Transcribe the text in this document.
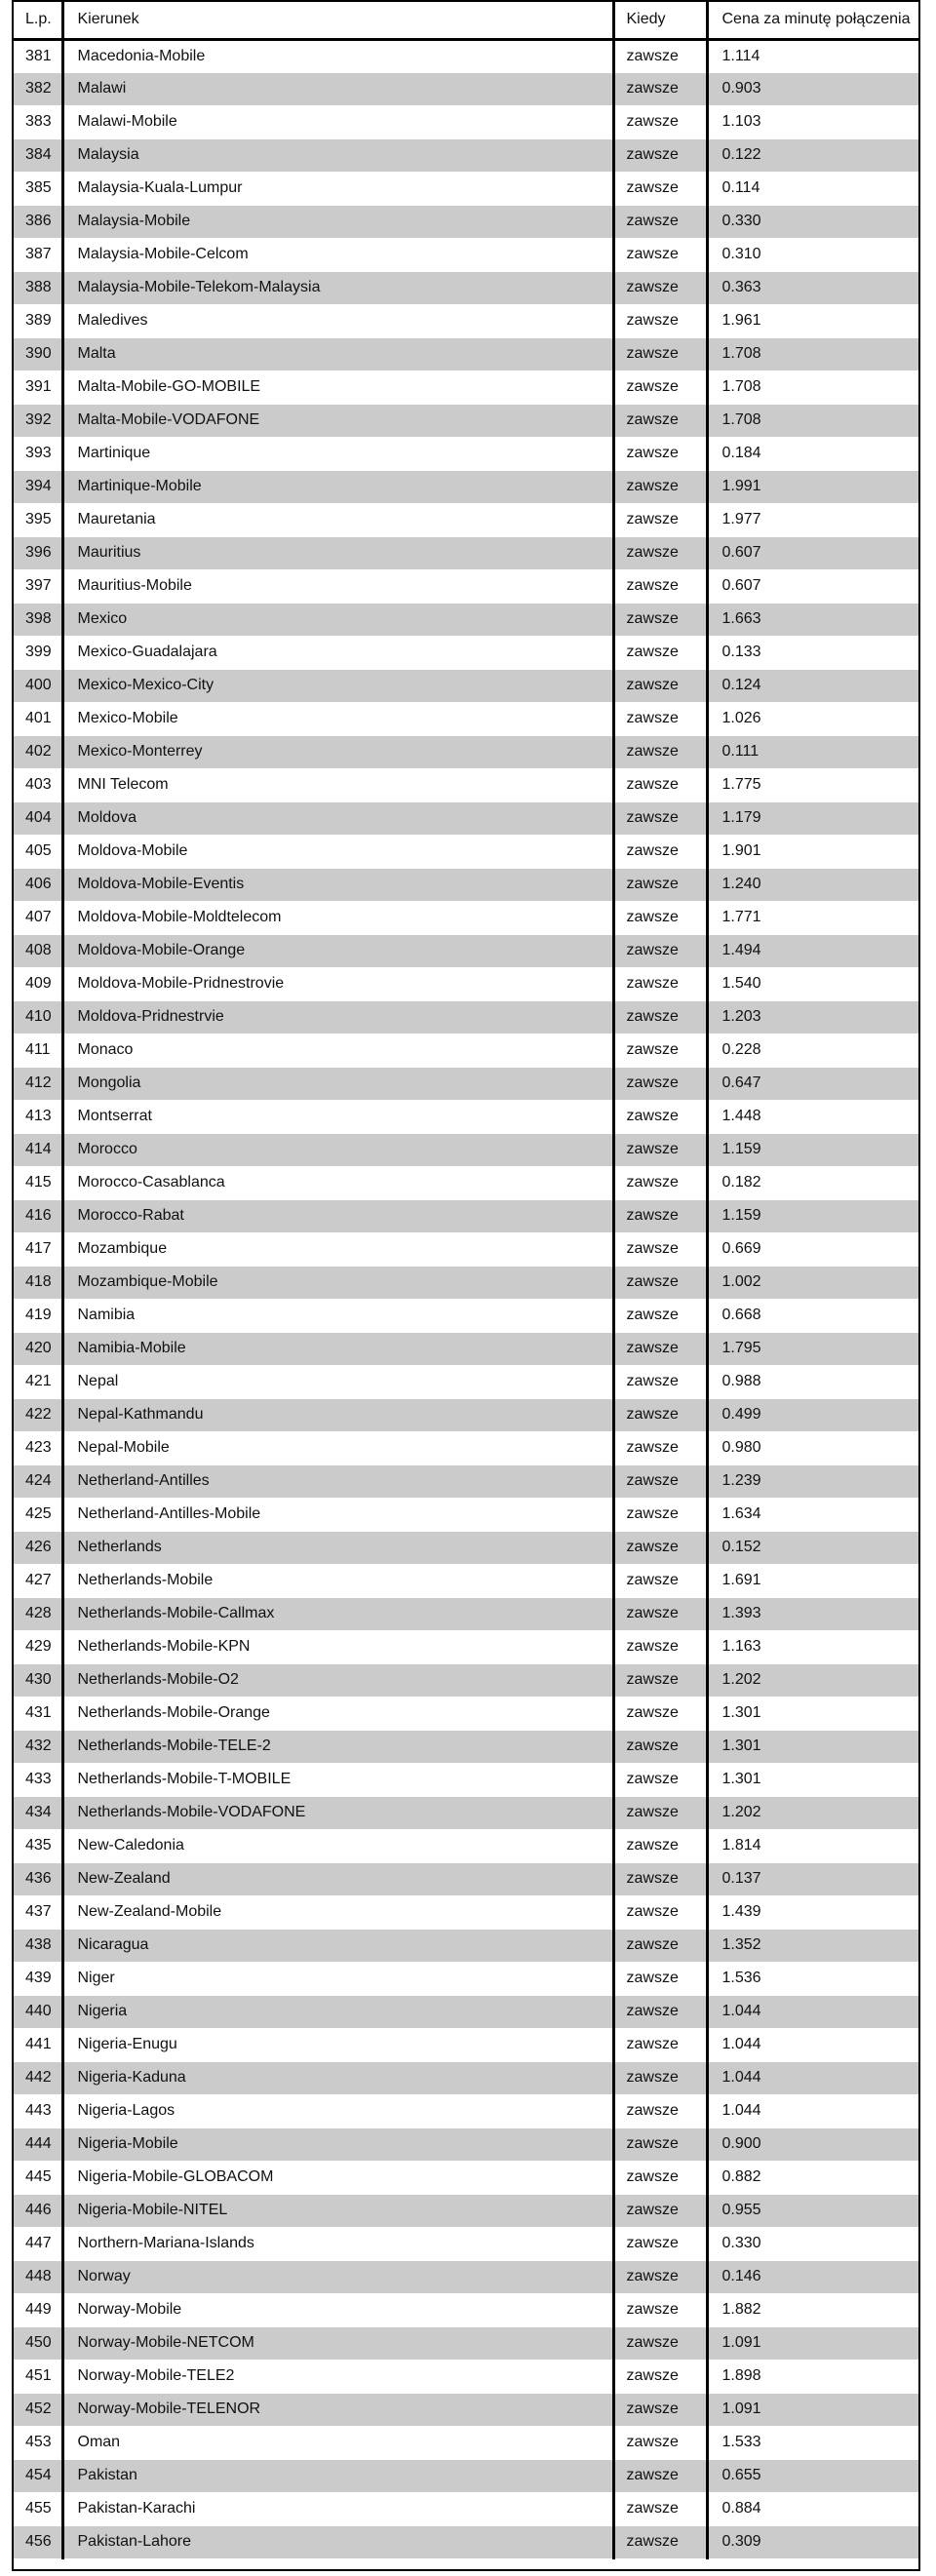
L.p.	Kierunek	Kiedy	Cena za minutę połączenia
381	Macedonia-Mobile	zawsze	1.114
382	Malawi	zawsze	0.903
383	Malawi-Mobile	zawsze	1.103
384	Malaysia	zawsze	0.122
385	Malaysia-Kuala-Lumpur	zawsze	0.114
386	Malaysia-Mobile	zawsze	0.330
387	Malaysia-Mobile-Celcom	zawsze	0.310
388	Malaysia-Mobile-Telekom-Malaysia	zawsze	0.363
389	Maledives	zawsze	1.961
390	Malta	zawsze	1.708
391	Malta-Mobile-GO-MOBILE	zawsze	1.708
392	Malta-Mobile-VODAFONE	zawsze	1.708
393	Martinique	zawsze	0.184
394	Martinique-Mobile	zawsze	1.991
395	Mauretania	zawsze	1.977
396	Mauritius	zawsze	0.607
397	Mauritius-Mobile	zawsze	0.607
398	Mexico	zawsze	1.663
399	Mexico-Guadalajara	zawsze	0.133
400	Mexico-Mexico-City	zawsze	0.124
401	Mexico-Mobile	zawsze	1.026
402	Mexico-Monterrey	zawsze	0.111
403	MNI Telecom	zawsze	1.775
404	Moldova	zawsze	1.179
405	Moldova-Mobile	zawsze	1.901
406	Moldova-Mobile-Eventis	zawsze	1.240
407	Moldova-Mobile-Moldtelecom	zawsze	1.771
408	Moldova-Mobile-Orange	zawsze	1.494
409	Moldova-Mobile-Pridnestrovie	zawsze	1.540
410	Moldova-Pridnestrvie	zawsze	1.203
411	Monaco	zawsze	0.228
412	Mongolia	zawsze	0.647
413	Montserrat	zawsze	1.448
414	Morocco	zawsze	1.159
415	Morocco-Casablanca	zawsze	0.182
416	Morocco-Rabat	zawsze	1.159
417	Mozambique	zawsze	0.669
418	Mozambique-Mobile	zawsze	1.002
419	Namibia	zawsze	0.668
420	Namibia-Mobile	zawsze	1.795
421	Nepal	zawsze	0.988
422	Nepal-Kathmandu	zawsze	0.499
423	Nepal-Mobile	zawsze	0.980
424	Netherland-Antilles	zawsze	1.239
425	Netherland-Antilles-Mobile	zawsze	1.634
426	Netherlands	zawsze	0.152
427	Netherlands-Mobile	zawsze	1.691
428	Netherlands-Mobile-Callmax	zawsze	1.393
429	Netherlands-Mobile-KPN	zawsze	1.163
430	Netherlands-Mobile-O2	zawsze	1.202
431	Netherlands-Mobile-Orange	zawsze	1.301
432	Netherlands-Mobile-TELE-2	zawsze	1.301
433	Netherlands-Mobile-T-MOBILE	zawsze	1.301
434	Netherlands-Mobile-VODAFONE	zawsze	1.202
435	New-Caledonia	zawsze	1.814
436	New-Zealand	zawsze	0.137
437	New-Zealand-Mobile	zawsze	1.439
438	Nicaragua	zawsze	1.352
439	Niger	zawsze	1.536
440	Nigeria	zawsze	1.044
441	Nigeria-Enugu	zawsze	1.044
442	Nigeria-Kaduna	zawsze	1.044
443	Nigeria-Lagos	zawsze	1.044
444	Nigeria-Mobile	zawsze	0.900
445	Nigeria-Mobile-GLOBACOM	zawsze	0.882
446	Nigeria-Mobile-NITEL	zawsze	0.955
447	Northern-Mariana-Islands	zawsze	0.330
448	Norway	zawsze	0.146
449	Norway-Mobile	zawsze	1.882
450	Norway-Mobile-NETCOM	zawsze	1.091
451	Norway-Mobile-TELE2	zawsze	1.898
452	Norway-Mobile-TELENOR	zawsze	1.091
453	Oman	zawsze	1.533
454	Pakistan	zawsze	0.655
455	Pakistan-Karachi	zawsze	0.884
456	Pakistan-Lahore	zawsze	0.309
